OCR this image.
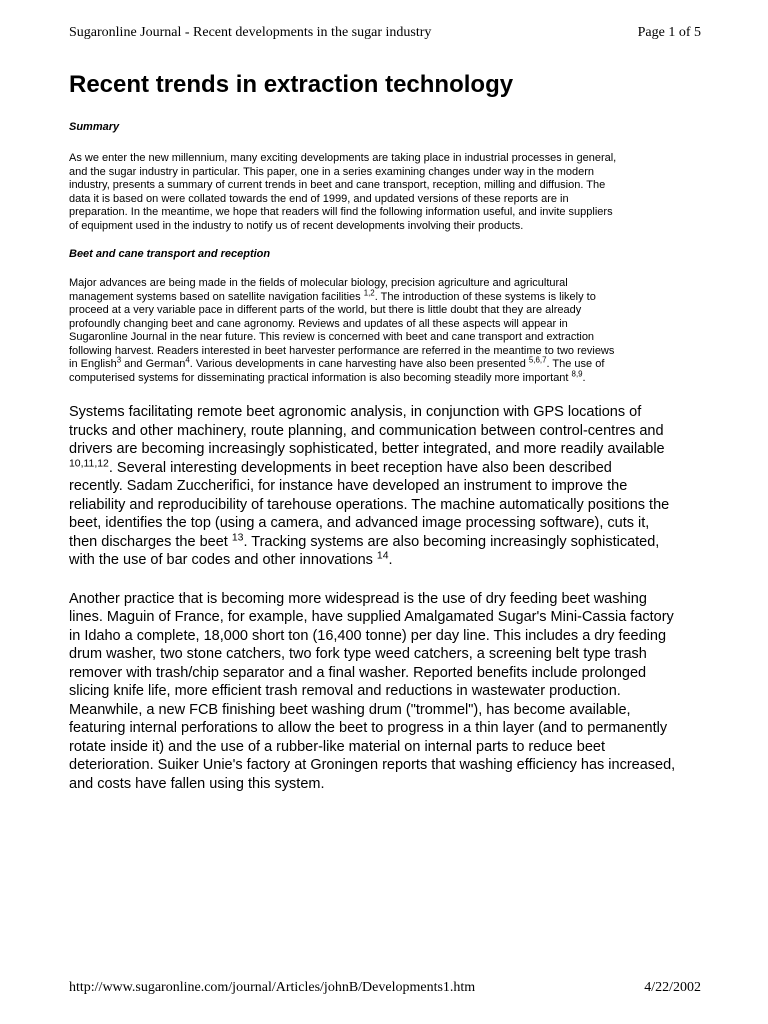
Sugaronline Journal - Recent developments in the sugar industry	Page 1 of 5
Recent trends in extraction technology
Summary

As we enter the new millennium, many exciting developments are taking place in industrial processes in general,
and the sugar industry in particular. This paper, one in a series examining changes under way in the modern
industry, presents a summary of current trends in beet and cane transport, reception, milling and diffusion. The
data it is based on were collated towards the end of 1999, and updated versions of these reports are in
preparation. In the meantime, we hope that readers will find the following information useful, and invite suppliers
of equipment used in the industry to notify us of recent developments involving their products.

Beet and cane transport and reception

Major advances are being made in the fields of molecular biology, precision agriculture and agricultural
management systems based on satellite navigation facilities $^{1,2}$. The introduction of these systems is likely to
proceed at a very variable pace in different parts of the world, but there is little doubt that they are already
profoundly changing beet and cane agronomy. Reviews and updates of all these aspects will appear in
Sugaronline Journal in the near future. This review is concerned with beet and cane transport and extraction
following harvest. Readers interested in beet harvester performance are referred in the meantime to two reviews
in English$^3$ and German$^4$. Various developments in cane harvesting have also been presented $^{5,6,7}$. The use of
computerised systems for disseminating practical information is also becoming steadily more important $^{8,9}$.

Systems facilitating remote beet agronomic analysis, in conjunction with GPS locations of
trucks and other machinery, route planning, and communication between control-centres and
drivers are becoming increasingly sophisticated, better integrated, and more readily available
$^{10,11,12}$. Several interesting developments in beet reception have also been described
recently. Sadam Zuccherifici, for instance have developed an instrument to improve the
reliability and reproducibility of tarehouse operations. The machine automatically positions the
beet, identifies the top (using a camera, and advanced image processing software), cuts it,
then discharges the beet $^{13}$. Tracking systems are also becoming increasingly sophisticated,
with the use of bar codes and other innovations $^{14}$.

Another practice that is becoming more widespread is the use of dry feeding beet washing
lines. Maguin of France, for example, have supplied Amalgamated Sugar's Mini-Cassia factory
in Idaho a complete, 18,000 short ton (16,400 tonne) per day line. This includes a dry feeding
drum washer, two stone catchers, two fork type weed catchers, a screening belt type trash
remover with trash/chip separator and a final washer. Reported benefits include prolonged
slicing knife life, more efficient trash removal and reductions in wastewater production.
Meanwhile, a new FCB finishing beet washing drum ("trommel"), has become available,
featuring internal perforations to allow the beet to progress in a thin layer (and to permanently
rotate inside it) and the use of a rubber-like material on internal parts to reduce beet
deterioration. Suiker Unie's factory at Groningen reports that washing efficiency has increased,
and costs have fallen using this system.

http://www.sugaronline.com/journal/Articles/johnB/Developments1.htm	4/22/2002
